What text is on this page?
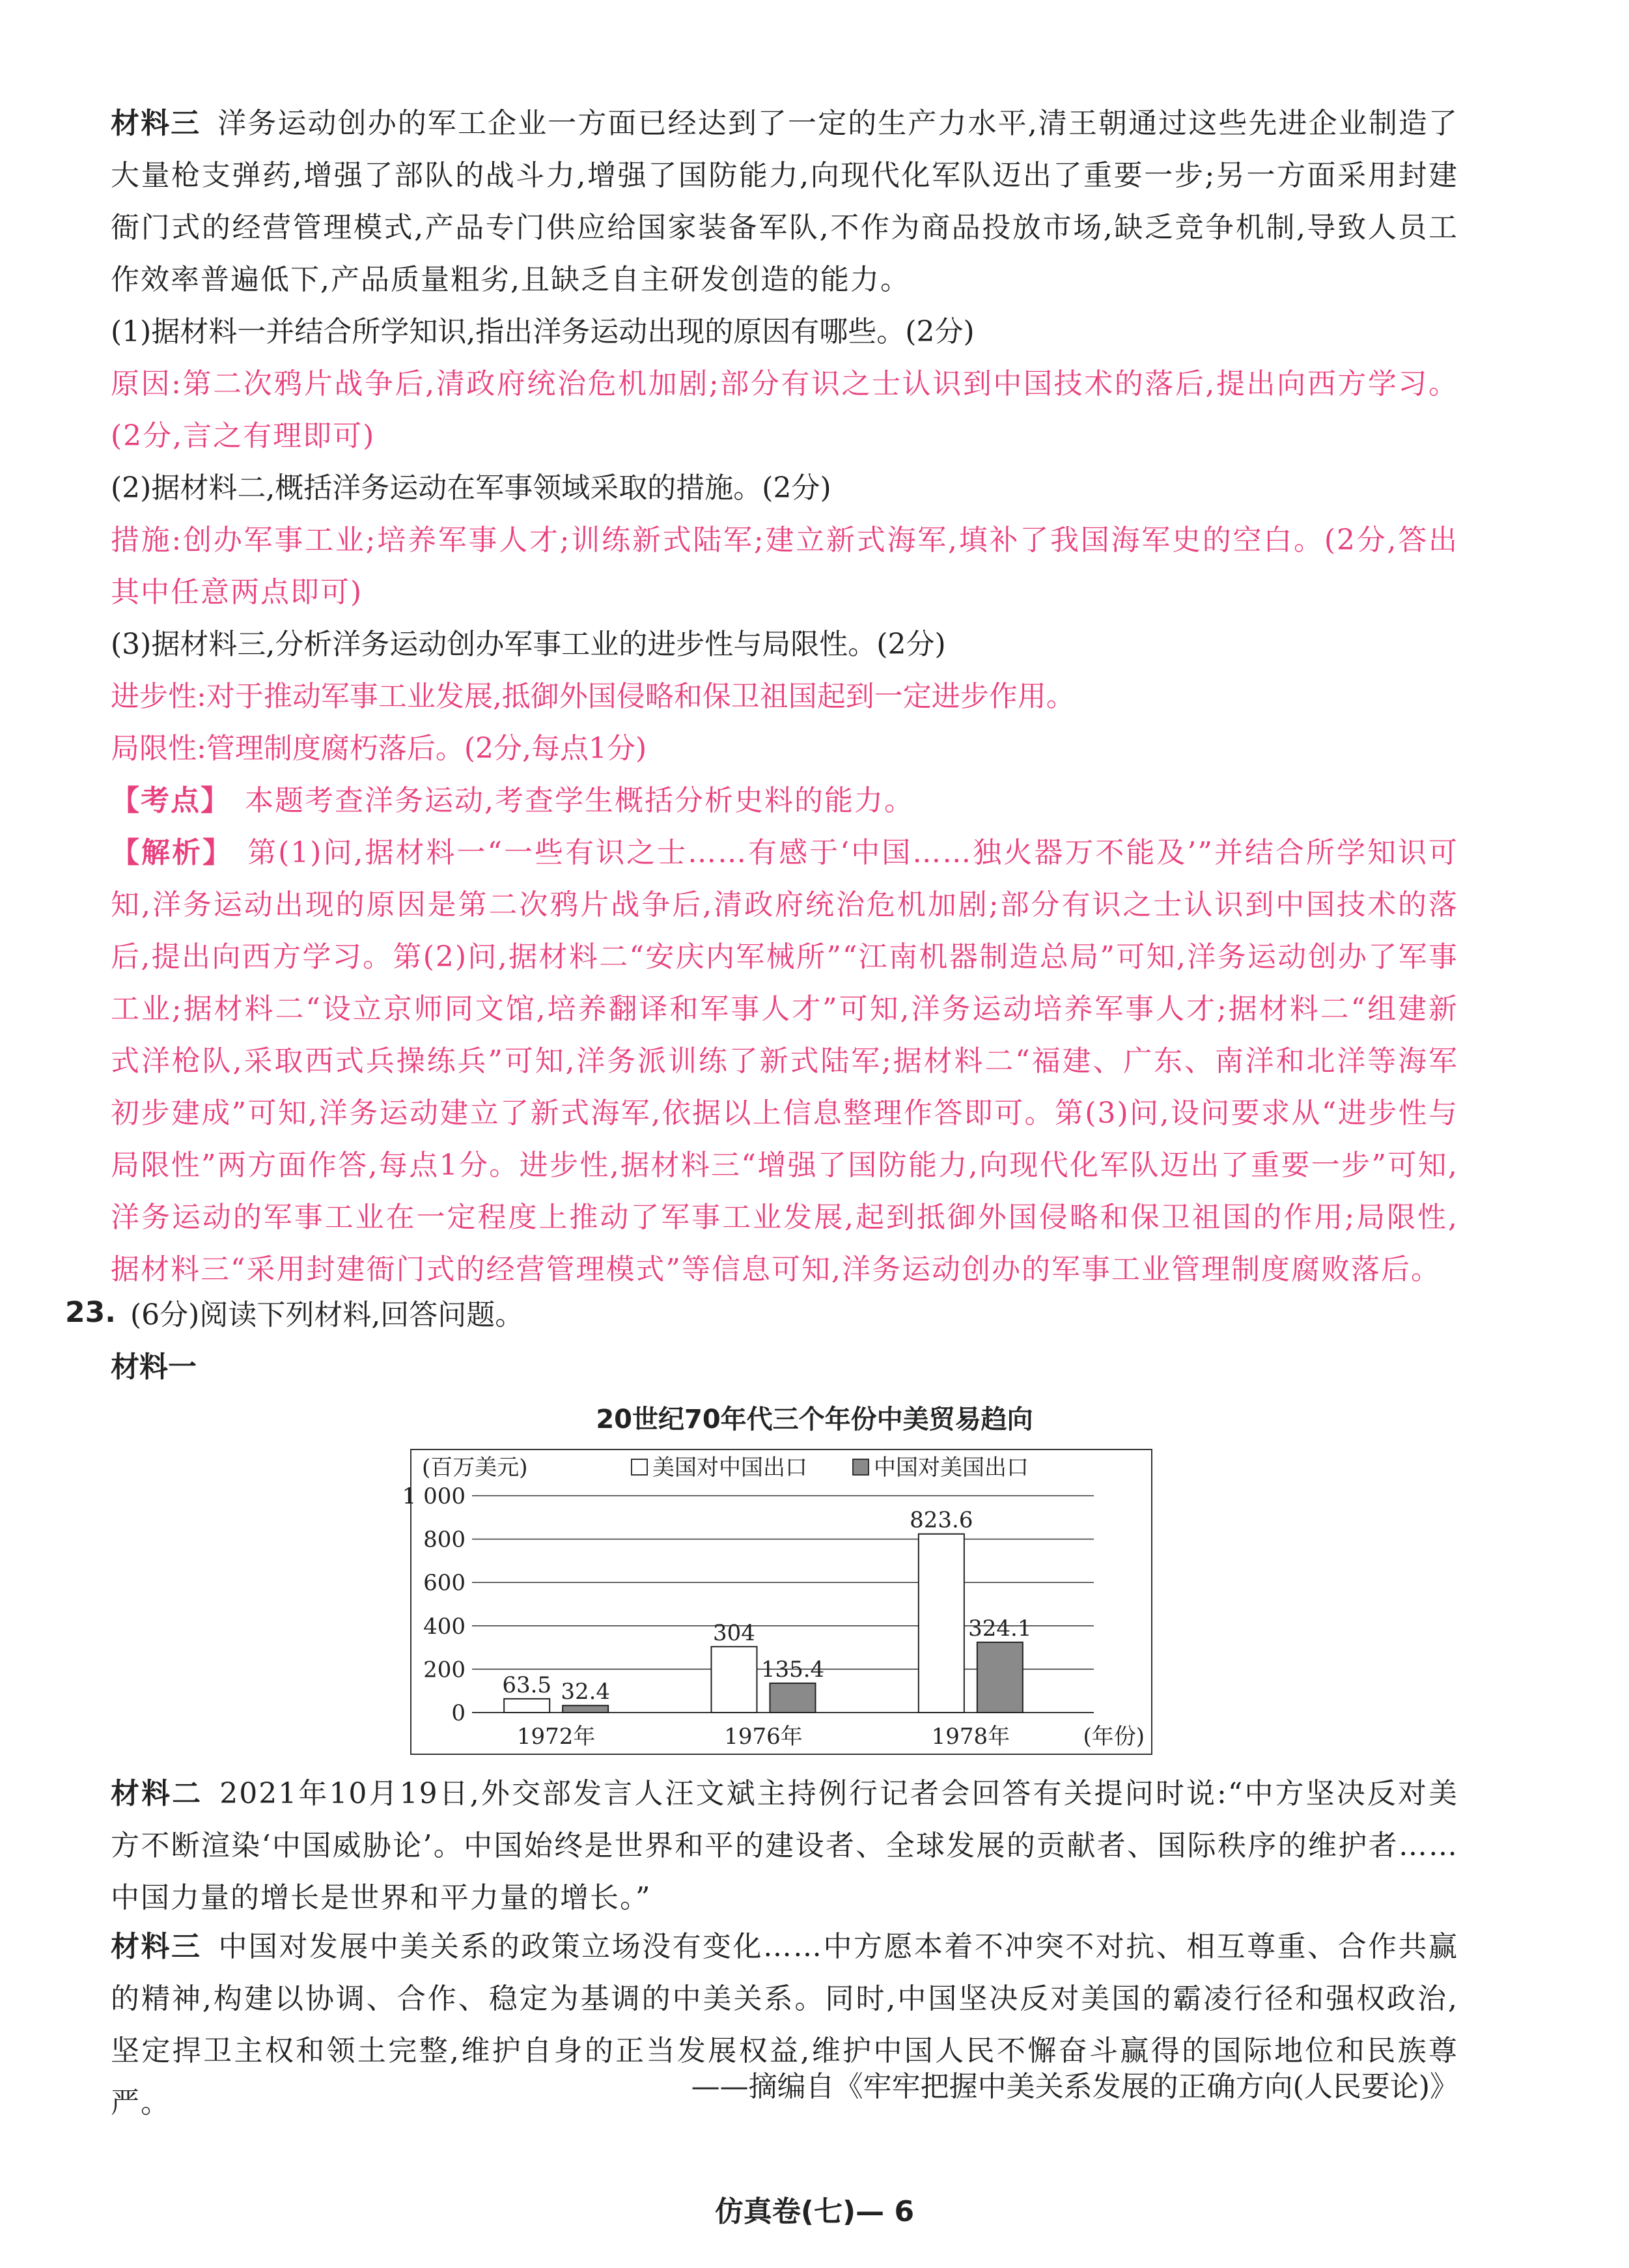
材料三 洋务运动创办的军工企业一方面已经达到了一定的生产力水平,清王朝通过这些先进企业制造了大量枪支弹药,增强了部队的战斗力,增强了国防能力,向现代化军队迈出了重要一步;另一方面采用封建衙门式的经营管理模式,产品专门供应给国家装备军队,不作为商品投放市场,缺乏竞争机制,导致人员工作效率普遍低下,产品质量粗劣,且缺乏自主研发创造的能力。

(1)据材料一并结合所学知识,指出洋务运动出现的原因有哪些。(2分)

原因:第二次鸦片战争后,清政府统治危机加剧;部分有识之士认识到中国技术的落后,提出向西方学习。(2分,言之有理即可)

(2)据材料二,概括洋务运动在军事领域采取的措施。(2分)

措施:创办军事工业;培养军事人才;训练新式陆军;建立新式海军,填补了我国海军史的空白。(2分,答出其中任意两点即可)

(3)据材料三,分析洋务运动创办军事工业的进步性与局限性。(2分)

进步性:对于推动军事工业发展,抵御外国侵略和保卫祖国起到一定进步作用。

局限性:管理制度腐朽落后。(2分,每点1分)

【考点】 本题考查洋务运动,考查学生概括分析史料的能力。

【解析】 第(1)问,据材料一“一些有识之士……有感于‘中国……独火器万不能及’”并结合所学知识可知,洋务运动出现的原因是第二次鸦片战争后,清政府统治危机加剧;部分有识之士认识到中国技术的落后,提出向西方学习。第(2)问,据材料二“安庆内军械所”“江南机器制造总局”可知,洋务运动创办了军事工业;据材料二“设立京师同文馆,培养翻译和军事人才”可知,洋务运动培养军事人才;据材料二“组建新式洋枪队,采取西式兵操练兵”可知,洋务派训练了新式陆军;据材料二“福建、广东、南洋和北洋等海军初步建成”可知,洋务运动建立了新式海军,依据以上信息整理作答即可。第(3)问,设问要求从“进步性与局限性”两方面作答,每点1分。进步性,据材料三“增强了国防能力,向现代化军队迈出了重要一步”可知,洋务运动的军事工业在一定程度上推动了军事工业发展,起到抵御外国侵略和保卫祖国的作用;局限性,据材料三“采用封建衙门式的经营管理模式”等信息可知,洋务运动创办的军事工业管理制度腐败落后。

23. (6分)阅读下列材料,回答问题。

材料一

20世纪70年代三个年份中美贸易趋向
(百万美元)	美国对中国出口	中国对美国出口
0
200
400
600
800
1 000
63.5 32.4
1972年
304
135.4
1976年
823.6
324.1
1978年	(年份)

材料二 2021年10月19日,外交部发言人汪文斌主持例行记者会回答有关提问时说:“中方坚决反对美方不断渲染‘中国威胁论’。中国始终是世界和平的建设者、全球发展的贡献者、国际秩序的维护者……中国力量的增长是世界和平力量的增长。”

材料三 中国对发展中美关系的政策立场没有变化……中方愿本着不冲突不对抗、相互尊重、合作共赢的精神,构建以协调、合作、稳定为基调的中美关系。同时,中国坚决反对美国的霸凌行径和强权政治,坚定捍卫主权和领土完整,维护自身的正当发展权益,维护中国人民不懈奋斗赢得的国际地位和民族尊严。	——摘编自《牢牢把握中美关系发展的正确方向(人民要论)》
仿真卷(七)— 6
